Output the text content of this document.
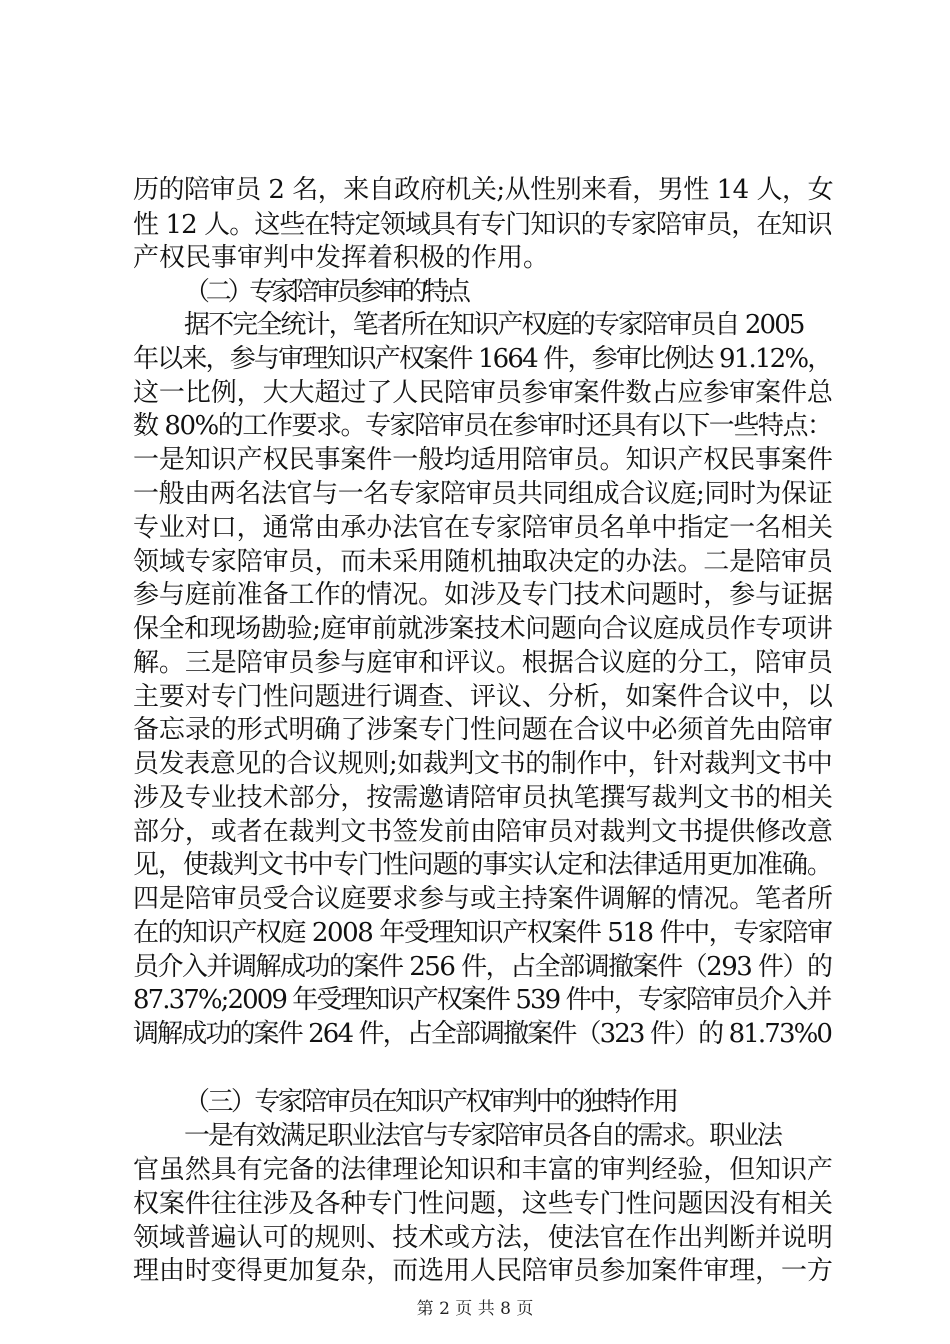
历的陪审员 2 名，来自政府机关;从性别来看，男性 14 人，女
性 12 人。这些在特定领域具有专门知识的专家陪审员，在知识
产权民事审判中发挥着积极的作用。
（二）专家陪审员参审的特点
据不完全统计，笔者所在知识产权庭的专家陪审员自 2005
年以来，参与审理知识产权案件 1664 件，参审比例达 91.12%，
这一比例，大大超过了人民陪审员参审案件数占应参审案件总
数 80%的工作要求。专家陪审员在参审时还具有以下一些特点：
一是知识产权民事案件一般均适用陪审员。知识产权民事案件
一般由两名法官与一名专家陪审员共同组成合议庭;同时为保证
专业对口，通常由承办法官在专家陪审员名单中指定一名相关
领域专家陪审员，而未采用随机抽取决定的办法。二是陪审员
参与庭前准备工作的情况。如涉及专门技术问题时，参与证据
保全和现场勘验;庭审前就涉案技术问题向合议庭成员作专项讲
解。三是陪审员参与庭审和评议。根据合议庭的分工，陪审员
主要对专门性问题进行调查、评议、分析，如案件合议中，以
备忘录的形式明确了涉案专门性问题在合议中必须首先由陪审
员发表意见的合议规则;如裁判文书的制作中，针对裁判文书中
涉及专业技术部分，按需邀请陪审员执笔撰写裁判文书的相关
部分，或者在裁判文书签发前由陪审员对裁判文书提供修改意
见，使裁判文书中专门性问题的事实认定和法律适用更加准确。
四是陪审员受合议庭要求参与或主持案件调解的情况。笔者所
在的知识产权庭 2008 年受理知识产权案件 518 件中，专家陪审
员介入并调解成功的案件 256 件，占全部调撤案件（293 件）的
87.37%;2009 年受理知识产权案件 539 件中，专家陪审员介入并
调解成功的案件 264 件，占全部调撤案件（323 件）的 81.73%0
（三）专家陪审员在知识产权审判中的独特作用
一是有效满足职业法官与专家陪审员各自的需求。职业法
官虽然具有完备的法律理论知识和丰富的审判经验，但知识产
权案件往往涉及各种专门性问题，这些专门性问题因没有相关
领域普遍认可的规则、技术或方法，使法官在作出判断并说明
理由时变得更加复杂，而选用人民陪审员参加案件审理，一方
第 2 页 共 8 页
